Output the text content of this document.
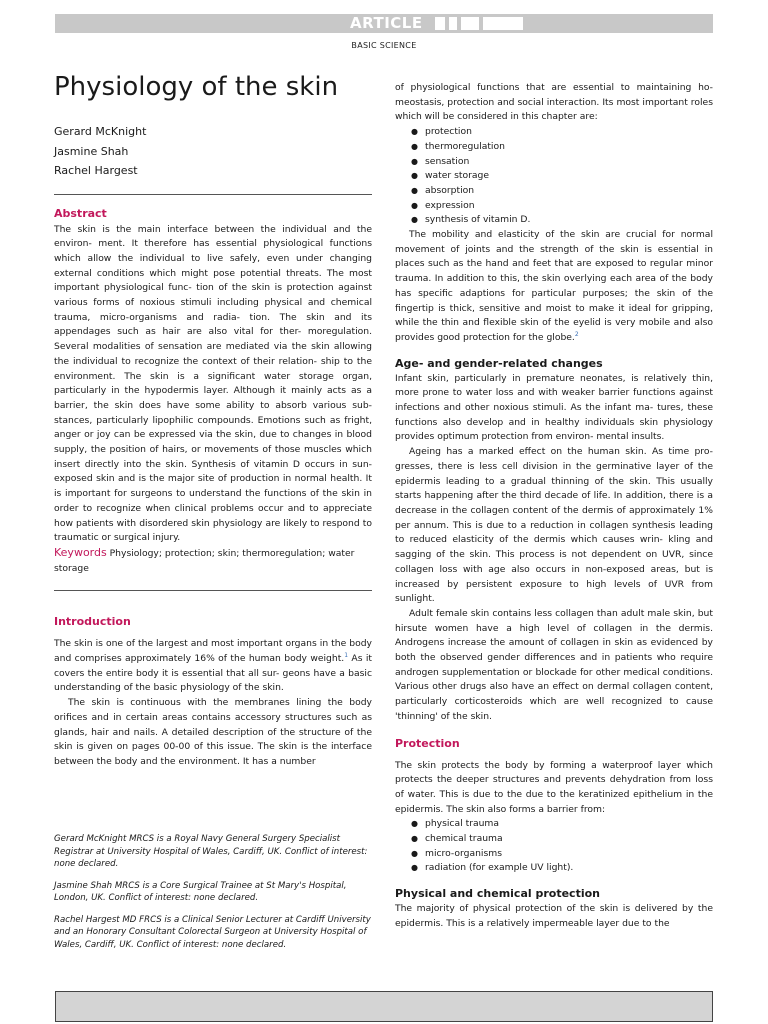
ARTICLE
BASIC SCIENCE
Physiology of the skin
Gerard McKnight
Jasmine Shah
Rachel Hargest
Abstract

The skin is the main interface between the individual and the environ- ment. It therefore has essential physiological functions which allow the individual to live safely, even under changing external conditions which might pose potential threats. The most important physiological func- tion of the skin is protection against various forms of noxious stimuli including physical and chemical trauma, micro-organisms and radia- tion. The skin and its appendages such as hair are also vital for ther- moregulation. Several modalities of sensation are mediated via the skin allowing the individual to recognize the context of their relation- ship to the environment. The skin is a significant water storage organ, particularly in the hypodermis layer. Although it mainly acts as a barrier, the skin does have some ability to absorb various sub- stances, particularly lipophilic compounds. Emotions such as fright, anger or joy can be expressed via the skin, due to changes in blood supply, the position of hairs, or movements of those muscles which insert directly into the skin. Synthesis of vitamin D occurs in sun- exposed skin and is the major site of production in normal health. It is important for surgeons to understand the functions of the skin in order to recognize when clinical problems occur and to appreciate how patients with disordered skin physiology are likely to respond to traumatic or surgical injury.

Keywords Physiology; protection; skin; thermoregulation; water storage

Introduction

The skin is one of the largest and most important organs in the body and comprises approximately 16% of the human body weight.$^1$ As it covers the entire body it is essential that all sur- geons have a basic understanding of the basic physiology of the skin.

The skin is continuous with the membranes lining the body orifices and in certain areas contains accessory structures such as glands, hair and nails. A detailed description of the structure of the skin is given on pages 00-00 of this issue. The skin is the interface between the body and the environment. It has a number

Gerard McKnight MRCS is a Royal Navy General Surgery Specialist Registrar at University Hospital of Wales, Cardiff, UK. Conflict of interest: none declared.

Jasmine Shah MRCS is a Core Surgical Trainee at St Mary's Hospital, London, UK. Conflict of interest: none declared.

Rachel Hargest MD FRCS is a Clinical Senior Lecturer at Cardiff University and an Honorary Consultant Colorectal Surgeon at University Hospital of Wales, Cardiff, UK. Conflict of interest: none declared.

of physiological functions that are essential to maintaining ho- meostasis, protection and social interaction. Its most important roles which will be considered in this chapter are:

● protection
● thermoregulation
● sensation
● water storage
● absorption
● expression
● synthesis of vitamin D.

The mobility and elasticity of the skin are crucial for normal movement of joints and the strength of the skin is essential in places such as the hand and feet that are exposed to regular minor trauma. In addition to this, the skin overlying each area of the body has specific adaptions for particular purposes; the skin of the fingertip is thick, sensitive and moist to make it ideal for gripping, while the thin and flexible skin of the eyelid is very mobile and also provides good protection for the globe.$^2$

Age- and gender-related changes

Infant skin, particularly in premature neonates, is relatively thin, more prone to water loss and with weaker barrier functions against infections and other noxious stimuli. As the infant ma- tures, these functions also develop and in healthy individuals skin physiology provides optimum protection from environ- mental insults.

Ageing has a marked effect on the human skin. As time pro- gresses, there is less cell division in the germinative layer of the epidermis leading to a gradual thinning of the skin. This usually starts happening after the third decade of life. In addition, there is a decrease in the collagen content of the dermis of approximately 1% per annum. This is due to a reduction in collagen synthesis leading to reduced elasticity of the dermis which causes wrin- kling and sagging of the skin. This process is not dependent on UVR, since collagen loss with age also occurs in non-exposed areas, but is increased by persistent exposure to high levels of UVR from sunlight.

Adult female skin contains less collagen than adult male skin, but hirsute women have a high level of collagen in the dermis. Androgens increase the amount of collagen in skin as evidenced by both the observed gender differences and in patients who require androgen supplementation or blockade for other medical conditions. Various other drugs also have an effect on dermal collagen content, particularly corticosteroids which are well recognized to cause 'thinning' of the skin.

Protection

The skin protects the body by forming a waterproof layer which protects the deeper structures and prevents dehydration from loss of water. This is due to the due to the keratinized epithelium in the epidermis. The skin also forms a barrier from:

● physical trauma
● chemical trauma
● micro-organisms
● radiation (for example UV light).
Physical and chemical protection

The majority of physical protection of the skin is delivered by the epidermis. This is a relatively impermeable layer due to the
